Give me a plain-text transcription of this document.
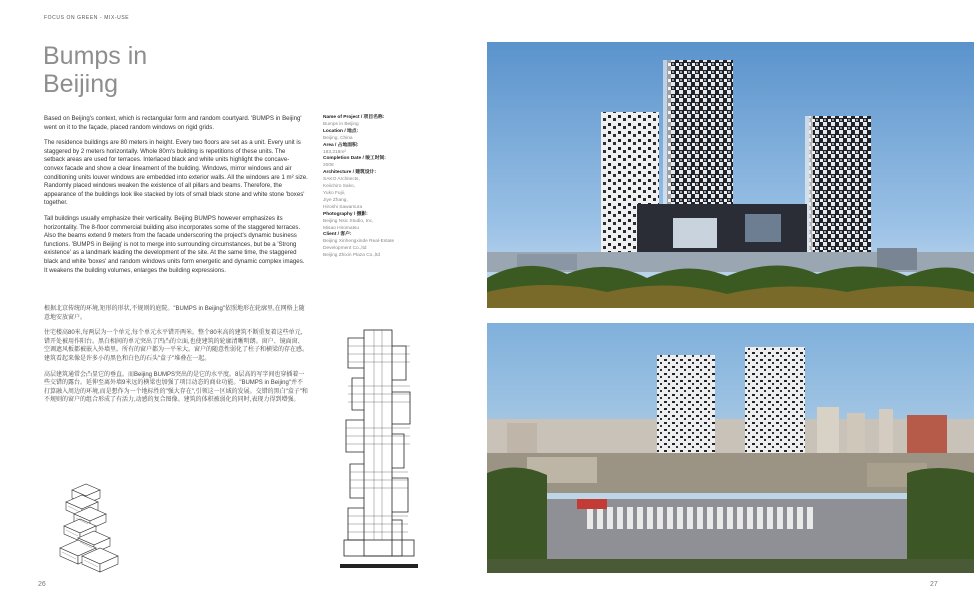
FOCUS ON GREEN - MIX-USE
Bumps in
Beijing

Based on Beijing's context, which is rectangular form and random courtyard. 'BUMPS in Beijing' went on it to the façade, placed random windows on rigid grids.

The residence buildings are 80 meters in height. Every two floors are set as a unit. Every unit is staggered by 2 meters horizontally. Whole 80m's building is repetitions of these units. The setback areas are used for terraces. Interlaced black and white units highlight the concave-convex facade and show a clear lineament of the building. Windows, mirror windows and air conditioning units louver windows are embedded into exterior walls. All the windows are 1 m² size. Randomly placed windows weaken the existence of all pillars and beams. Therefore, the appearance of the buildings look like stacked by lots of small black stone and white stone 'boxes' together.

Tall buildings usually emphasize their verticality. Beijing BUMPS however emphasizes its horizontality. The 8-floor commercial building also incorporates some of the staggered terraces. Also the beams extend 9 meters from the facade underscoring the project's dynamic business functions. 'BUMPS in Beijing' is not to merge into surrounding circumstances, but be a 'Strong existence' as a landmark leading the development of the site. At the same time, the staggered black and white 'boxes' and random windows units form energetic and dynamic complex images. It weakens the building volumes, enlarges the building expressions.

根据北京传统的环境,矩形的形状,不规则的庭院。"BUMPS in Beijing"依照地形在轮廓里,在网格上随意地安放窗户。

住宅楼高80米,每两层为一个单元,每个单元水平错开两米。整个80米高的建筑不断重复着这些单元,错开处被用作阳台。黑白相间的单元突出了凹凸的立面,也使建筑的轮廓清晰明朗。窗户、镜面窗、空调遮风板都被嵌入外墙里。所有的窗户都为一平米大。窗户的随意性弱化了柱子和横梁的存在感。建筑看起来像是许多小的黑色和白色的石头"盒子"堆叠在一起。

高层建筑通常会凸显它的垂直。而Beijing BUMPS突出的是它的水平度。8层高的写字间也穿插着一些交错的露台。延伸至离外墙9米远的横梁也加强了项目动态的商业功能。"BUMPS in Beijing"并不打算融入周边的环境,而是想作为一个地标性的"强大存在",引领这一区域的发展。交错的黑白"盒子"和不规则的窗户的组合形成了有活力,动感的复合图像。建筑的体积被弱化的同时,表现力得到增强。

Name of Project / 项目名称:
Bumps in Beijing
Location / 地点:
Beijing, China
Area / 占地面积:
183,218m²
Completion Date / 竣工时间:
2008
Architecture / 建筑设计:
SAKO Architects,
Keiichiro Sako,
Yuko Fujii,
Jiye Zhang,
Hiroshi Sawamura
Photography / 摄影:
Beijing Nsic Studio, Inc,
Misao Hiromatsu
Client / 客户:
Beijing Xinhengxinde Real-Estate
Development Co.,ltd
Beijing Zhixin Plaza Co.,ltd
26	27
